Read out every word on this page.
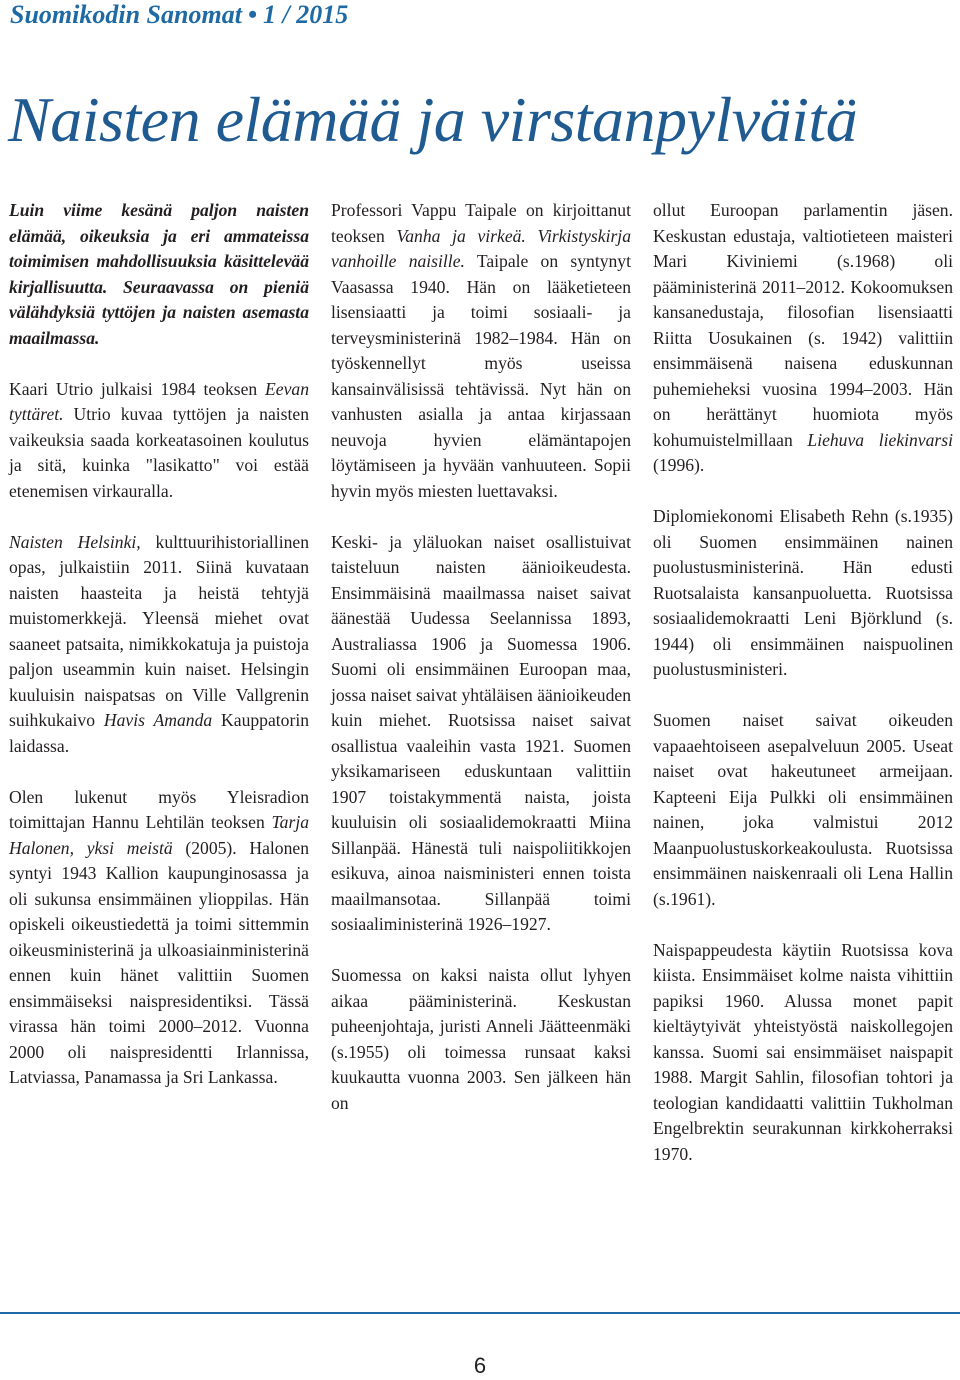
Suomikodin Sanomat • 1 / 2015
Naisten elämää ja virstanpylväitä

Luin viime kesänä paljon naisten elämää, oikeuksia ja eri ammateissa toimimisen mahdollisuuksia käsittelevää kirjallisuutta. Seuraavassa on pieniä välähdyksiä tyttöjen ja naisten asemasta maailmassa.

Kaari Utrio julkaisi 1984 teoksen Eevan tyttäret. Utrio kuvaa tyttöjen ja naisten vaikeuksia saada korkeatasoinen koulutus ja sitä, kuinka "lasikatto" voi estää etenemisen virkauralla.

Naisten Helsinki, kulttuurihistoriallinen opas, julkaistiin 2011. Siinä kuvataan naisten haasteita ja heistä tehtyjä muistomerkkejä. Yleensä miehet ovat saaneet patsaita, nimikkokatuja ja puistoja paljon useammin kuin naiset. Helsingin kuuluisin naispatsas on Ville Vallgrenin suihkukaivo Havis Amanda Kauppatorin laidassa.

Olen lukenut myös Yleisradion toimittajan Hannu Lehtilän teoksen Tarja Halonen, yksi meistä (2005). Halonen syntyi 1943 Kallion kaupunginosassa ja oli sukunsa ensimmäinen ylioppilas. Hän opiskeli oikeustiedettä ja toimi sittemmin oikeusministerinä ja ulkoasiainministerinä ennen kuin hänet valittiin Suomen ensimmäiseksi naispresidentiksi. Tässä virassa hän toimi 2000–2012. Vuonna 2000 oli naispresidentti Irlannissa, Latviassa, Panamassa ja Sri Lankassa.

Professori Vappu Taipale on kirjoittanut teoksen Vanha ja virkeä. Virkistyskirja vanhoille naisille. Taipale on syntynyt Vaasassa 1940. Hän on lääketieteen lisensiaatti ja toimi sosiaali- ja terveysministerinä 1982–1984. Hän on työskennellyt myös useissa kansainvälisissä tehtävissä. Nyt hän on vanhusten asialla ja antaa kirjassaan neuvoja hyvien elämäntapojen löytämiseen ja hyvään vanhuuteen. Sopii hyvin myös miesten luettavaksi.

Keski- ja yläluokan naiset osallistuivat taisteluun naisten äänioikeudesta. Ensimmäisinä maailmassa naiset saivat äänestää Uudessa Seelannissa 1893, Australiassa 1906 ja Suomessa 1906. Suomi oli ensimmäinen Euroopan maa, jossa naiset saivat yhtäläisen äänioikeuden kuin miehet. Ruotsissa naiset saivat osallistua vaaleihin vasta 1921. Suomen yksikamariseen eduskuntaan valittiin 1907 toistakymmentä naista, joista kuuluisin oli sosiaalidemokraatti Miina Sillanpää. Hänestä tuli naispoliitikkojen esikuva, ainoa naisministeri ennen toista maailmansotaa. Sillanpää toimi sosiaaliministerinä 1926–1927.

Suomessa on kaksi naista ollut lyhyen aikaa pääministerinä. Keskustan puheenjohtaja, juristi Anneli Jäätteenmäki (s.1955) oli toimessa runsaat kaksi kuukautta vuonna 2003. Sen jälkeen hän on

ollut Euroopan parlamentin jäsen. Keskustan edustaja, valtiotieteen maisteri Mari Kiviniemi (s.1968) oli pääministerinä 2011–2012. Kokoomuksen kansanedustaja, filosofian lisensiaatti Riitta Uosukainen (s. 1942) valittiin ensimmäisenä naisena eduskunnan puhemieheksi vuosina 1994–2003. Hän on herättänyt huomiota myös kohumuistelmillaan Liehuva liekinvarsi (1996).

Diplomiekonomi Elisabeth Rehn (s.1935) oli Suomen ensimmäinen nainen puolustusministerinä. Hän edusti Ruotsalaista kansanpuoluetta. Ruotsissa sosiaalidemokraatti Leni Björklund (s. 1944) oli ensimmäinen naispuolinen puolustusministeri.

Suomen naiset saivat oikeuden vapaaehtoiseen asepalveluun 2005. Useat naiset ovat hakeutuneet armeijaan. Kapteeni Eija Pulkki oli ensimmäinen nainen, joka valmistui 2012 Maanpuolustuskorkeakoulusta. Ruotsissa ensimmäinen naiskenraali oli Lena Hallin (s.1961).

Naispappeudesta käytiin Ruotsissa kova kiista. Ensimmäiset kolme naista vihittiin papiksi 1960. Alussa monet papit kieltäytyivät yhteistyöstä naiskollegojen kanssa. Suomi sai ensimmäiset naispapit 1988. Margit Sahlin, filosofian tohtori ja teologian kandidaatti valittiin Tukholman Engelbrektin seurakunnan kirkkoherraksi 1970.

6
